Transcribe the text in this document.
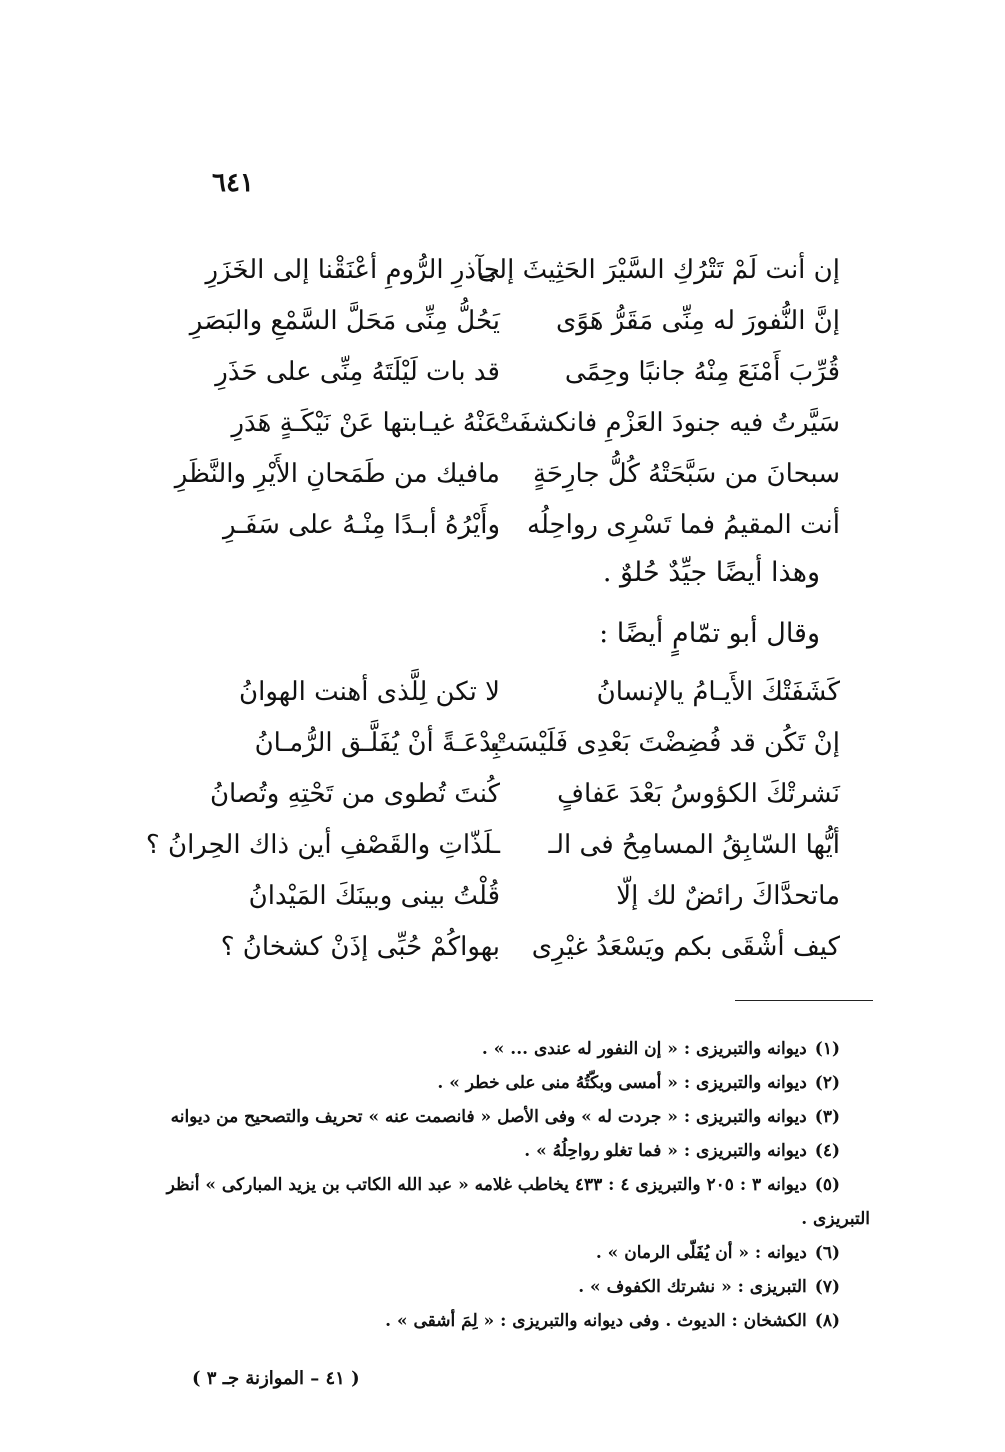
٦٤١
إن أنت لَمْ تَتْرُكِ السَّيْرَ الحَثِيثَ إلى
جآذرِ الرُّومِ أعْنَقْنا إلى الخَزَرِ
إنَّ النُّفورَ له مِنِّى مَقَرُّ هَوًى
يَحُلُّ مِنِّى مَحَلَّ السَّمْعِ والبَصَرِ
قُرِّبَ أَمْنَعَ مِنْهُ جانبًا وحِمًى
قد بات لَيْلَتَهُ مِنِّى على حَذَرِ
سَيَّرتُ فيه جنودَ العَزْمِ فانكشفَتْ
عَنْهُ غيـابتها عَنْ نَيْكَـةٍ هَدَرِ
سبحانَ من سَبَّحَتْهُ كُلُّ جارِحَةٍ
مافيك من طَمَحانِ الأَيْرِ والنَّظَرِ
أنت المقيمُ فما تَسْرِى رواحِلُه
وأَيْرُهُ أبـدًا مِنْـهُ على سَفَـرِ
وهذا أيضًا جيِّدٌ حُلوٌ .
وقال أبو تمّامٍ أيضًا :
كَشَفَتْكَ الأَيـامُ يالإنسانُ
لا تكن لِلَّذى أهنت الهوانُ
إنْ تَكُن قد فُضِضْتَ بَعْدِى فَلَيْسَتْ
بِدْعَـةً أنْ يُفَلَّـق الرُّمـانُ
نَشرتْكَ الكؤوسُ بَعْدَ عَفافٍ
كُنتَ تُطوى من تَحْتِهِ وتُصانُ
أيُّها السّابِقُ المسامِحُ فى الـ
ـلَذّاتِ والقَصْفِ أين ذاك الحِرانُ ؟
ماتحدَّاكَ رائضٌ لك إلّا
قُلْتُ بينى وبينَكَ المَيْدانُ
كيف أشْقَى بكم ويَسْعَدُ غيْرِى
بهواكُمْ حُبِّى إذَنْ كشخانُ ؟
(١)ديوانه والتبريزى : « إن النفور له عندى ... » .
(٢)ديوانه والتبريزى : « أمسى وبكّتُهُ منى على خطر » .
(٣)ديوانه والتبريزى : « جردت له » وفى الأصل « فانصمت عنه » تحريف والتصحيح من ديوانه
(٤)ديوانه والتبريزى : « فما تغلو رواحِلُهُ » .
(٥)ديوانه ٣ : ٢٠٥ والتبريزى ٤ : ٤٣٣ يخاطب غلامه « عبد الله الكاتب بن يزيد المباركى » أنظر
التبريزى .
(٦)ديوانه : « أن يُفَلّى الرمان » .
(٧)التبريزى : « نشرتك الكفوف » .
(٨)الكشخان : الديوث . وفى ديوانه والتبريزى : « لِمَ أشقى » .
( ٤١ – الموازنة جـ ٣ )
